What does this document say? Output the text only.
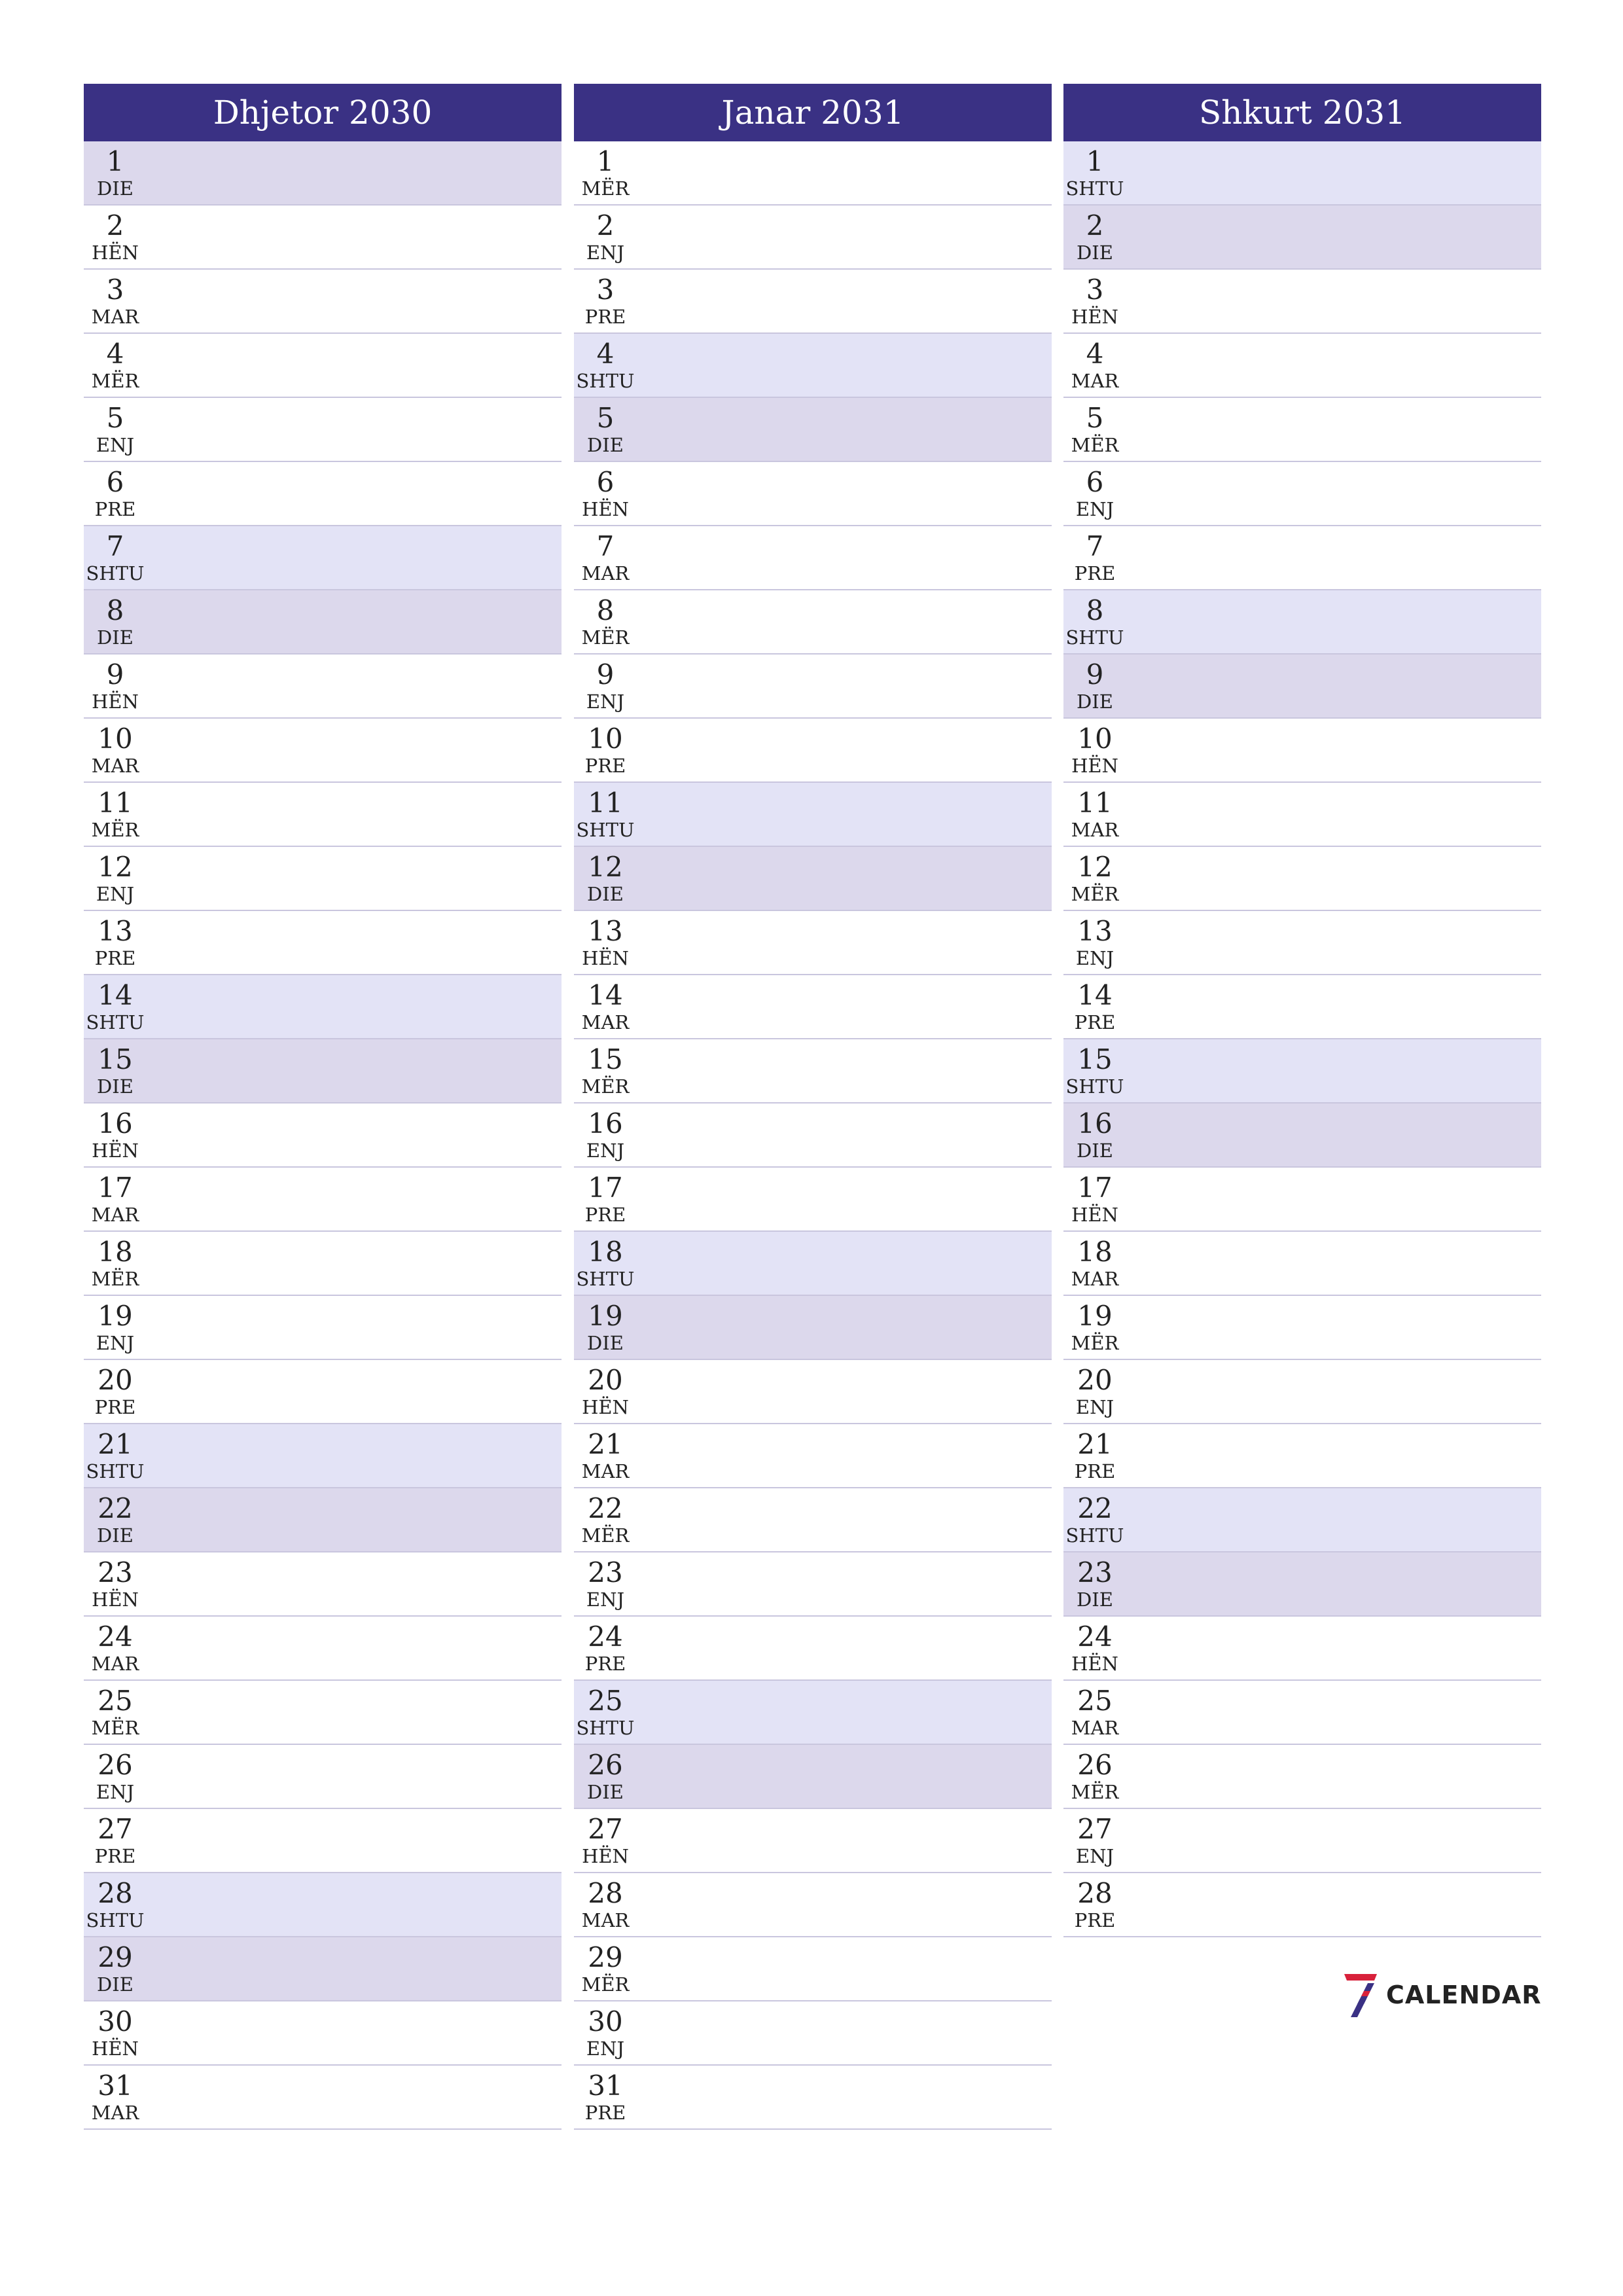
Dhjetor 2030
1
DIE
2
HËN
3
MAR
4
MËR
5
ENJ
6
PRE
7
SHTU
8
DIE
9
HËN
10
MAR
11
MËR
12
ENJ
13
PRE
14
SHTU
15
DIE
16
HËN
17
MAR
18
MËR
19
ENJ
20
PRE
21
SHTU
22
DIE
23
HËN
24
MAR
25
MËR
26
ENJ
27
PRE
28
SHTU
29
DIE
30
HËN
31
MAR
Janar 2031
1
MËR
2
ENJ
3
PRE
4
SHTU
5
DIE
6
HËN
7
MAR
8
MËR
9
ENJ
10
PRE
11
SHTU
12
DIE
13
HËN
14
MAR
15
MËR
16
ENJ
17
PRE
18
SHTU
19
DIE
20
HËN
21
MAR
22
MËR
23
ENJ
24
PRE
25
SHTU
26
DIE
27
HËN
28
MAR
29
MËR
30
ENJ
31
PRE
Shkurt 2031
1
SHTU
2
DIE
3
HËN
4
MAR
5
MËR
6
ENJ
7
PRE
8
SHTU
9
DIE
10
HËN
11
MAR
12
MËR
13
ENJ
14
PRE
15
SHTU
16
DIE
17
HËN
18
MAR
19
MËR
20
ENJ
21
PRE
22
SHTU
23
DIE
24
HËN
25
MAR
26
MËR
27
ENJ
28
PRE
CALENDAR
